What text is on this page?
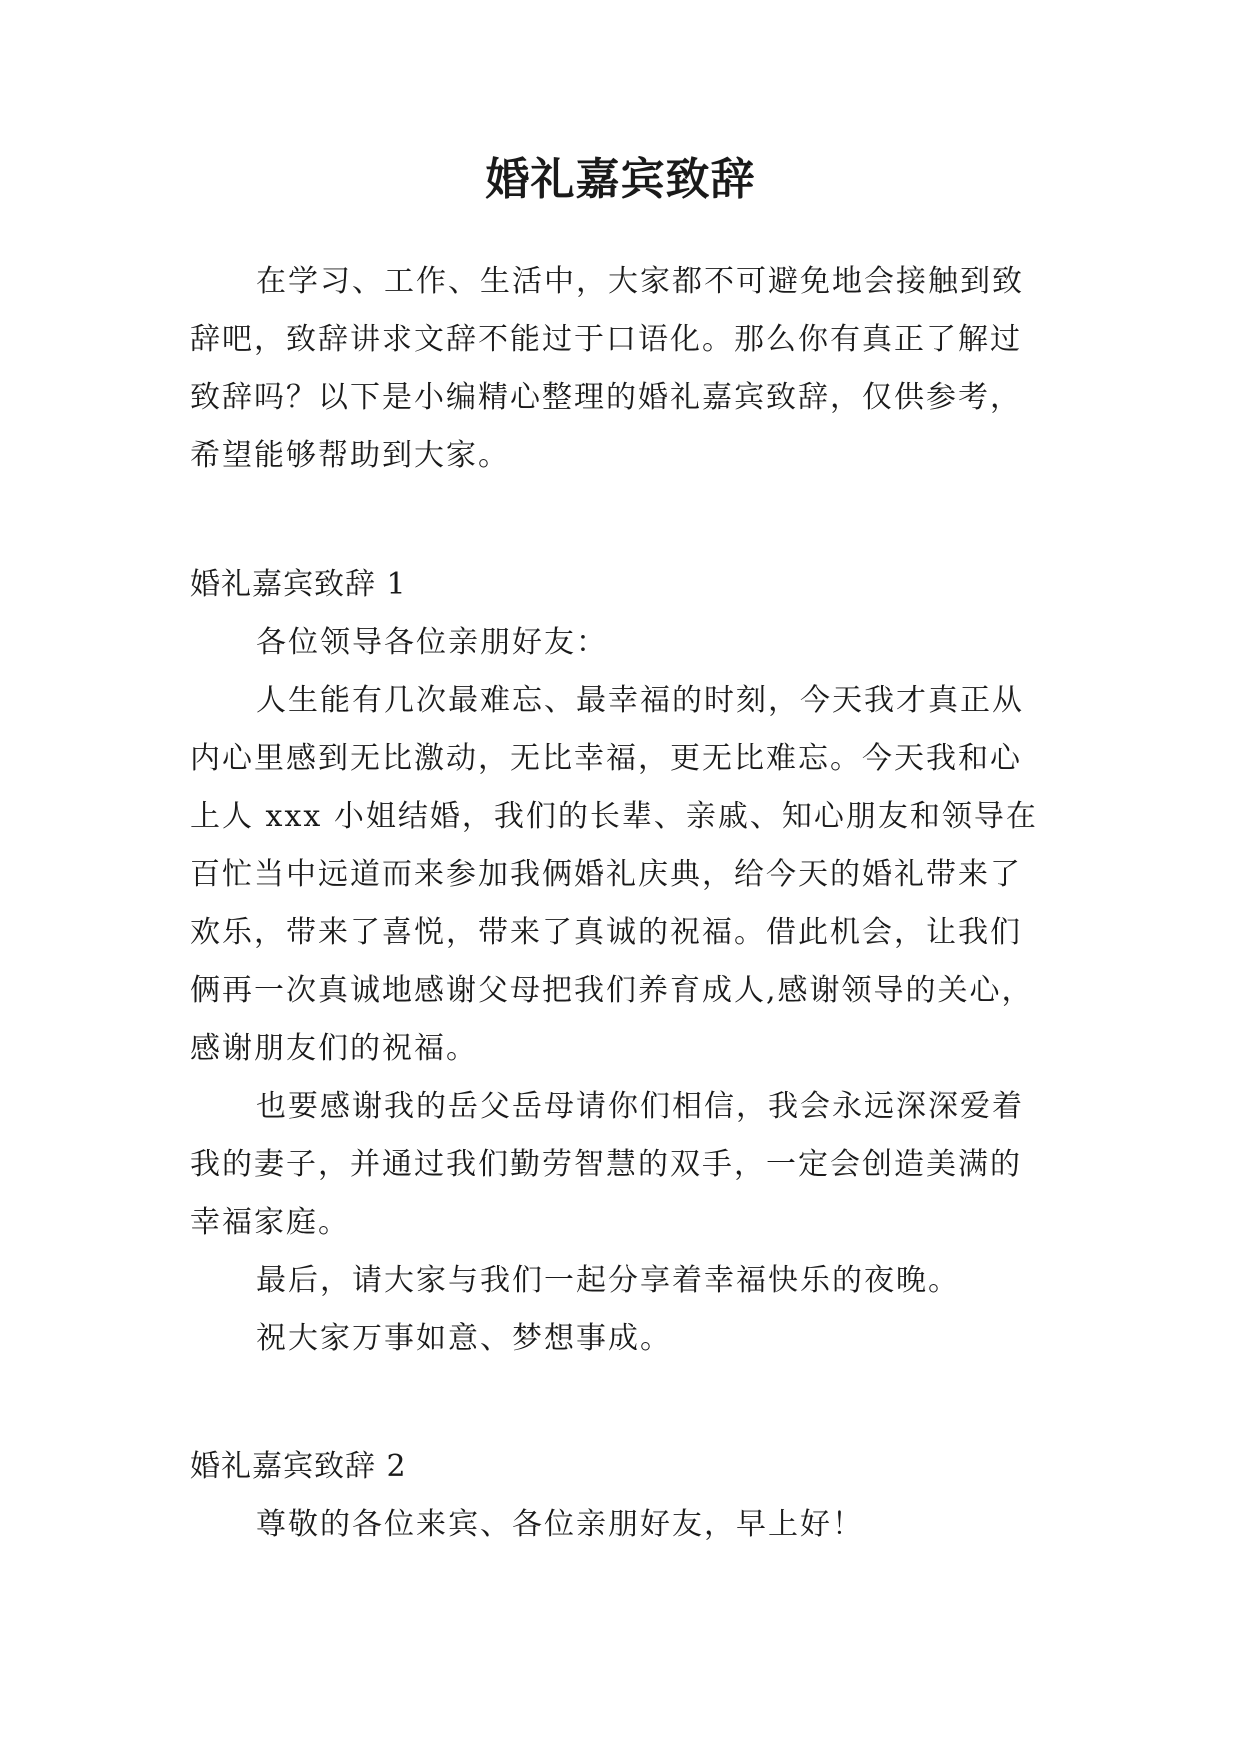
婚礼嘉宾致辞

在学习、工作、生活中，大家都不可避免地会接触到致

辞吧，致辞讲求文辞不能过于口语化。那么你有真正了解过

致辞吗？以下是小编精心整理的婚礼嘉宾致辞，仅供参考，

希望能够帮助到大家。

婚礼嘉宾致辞 1

各位领导各位亲朋好友：

人生能有几次最难忘、最幸福的时刻，今天我才真正从

内心里感到无比激动，无比幸福，更无比难忘。今天我和心

上人 xxx 小姐结婚，我们的长辈、亲戚、知心朋友和领导在

百忙当中远道而来参加我俩婚礼庆典，给今天的婚礼带来了

欢乐，带来了喜悦，带来了真诚的祝福。借此机会，让我们

俩再一次真诚地感谢父母把我们养育成人,感谢领导的关心，

感谢朋友们的祝福。

也要感谢我的岳父岳母请你们相信，我会永远深深爱着

我的妻子，并通过我们勤劳智慧的双手，一定会创造美满的

幸福家庭。

最后，请大家与我们一起分享着幸福快乐的夜晚。

祝大家万事如意、梦想事成。

婚礼嘉宾致辞 2

尊敬的各位来宾、各位亲朋好友，早上好！
